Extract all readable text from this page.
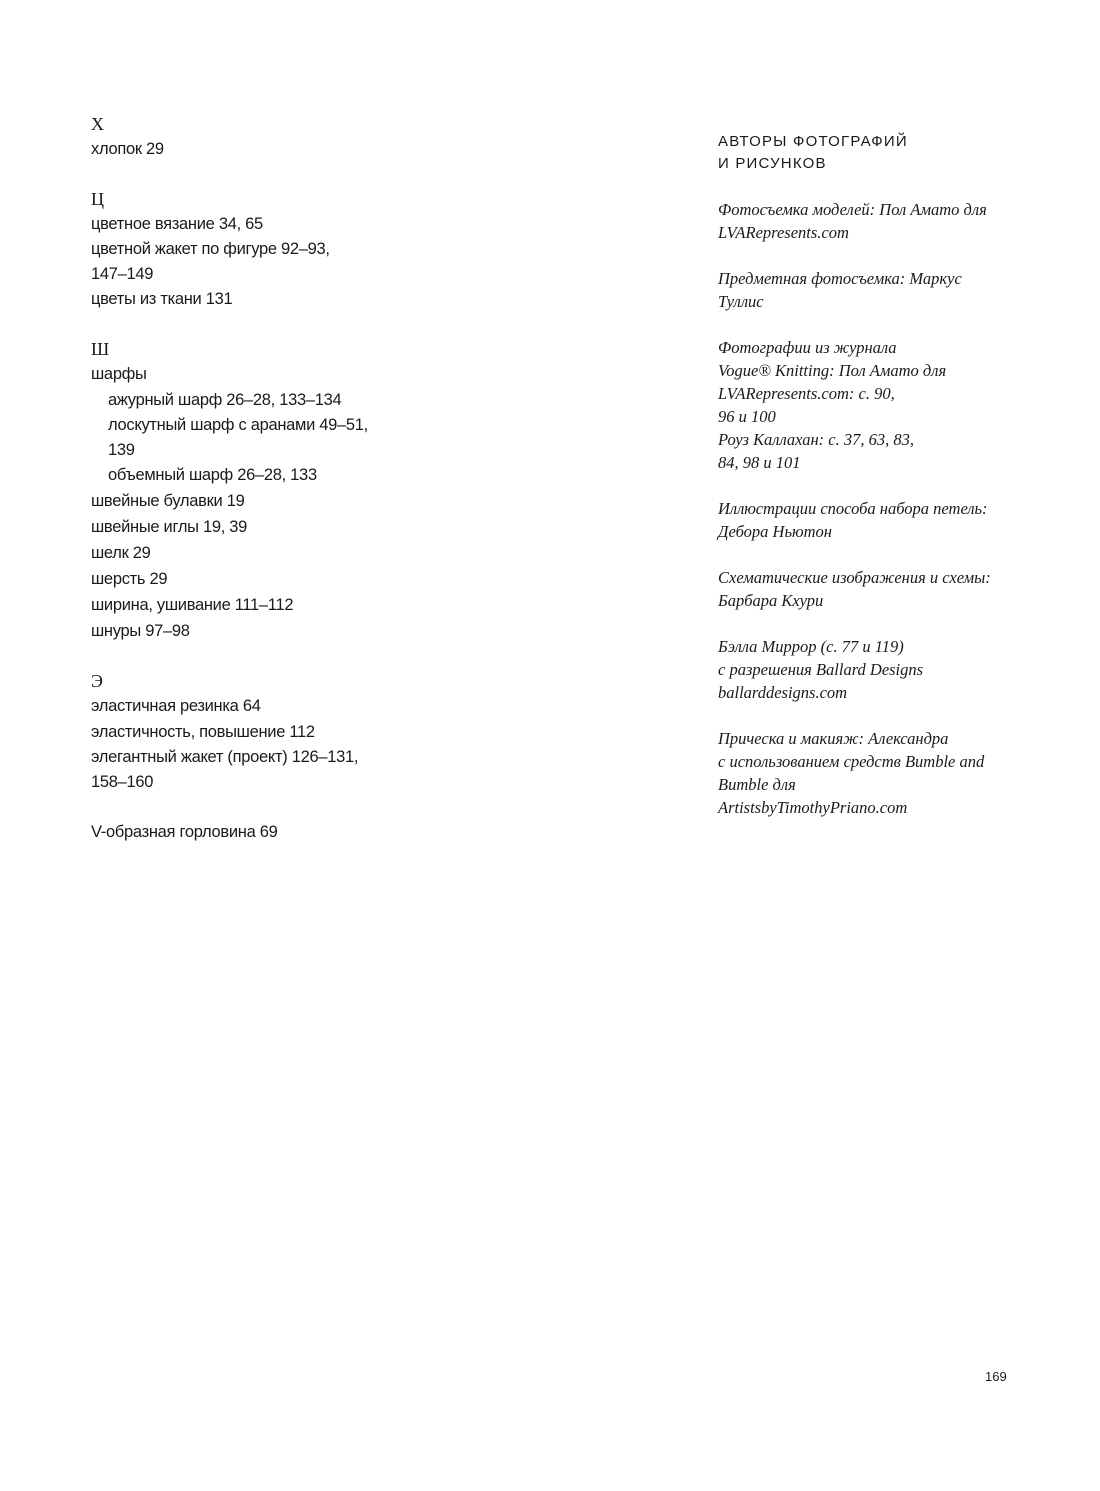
Х

хлопок 29

Ц

цветное вязание 34, 65

цветной жакет по фигуре 92–93, 147–149

цветы из ткани 131

Ш

шарфы

ажурный шарф 26–28, 133–134

лоскутный шарф с аранами 49–51, 139

объемный шарф 26–28, 133

швейные булавки 19

швейные иглы 19, 39

шелк 29

шерсть 29

ширина, ушивание 111–112

шнуры 97–98

Э

эластичная резинка 64

эластичность, повышение 112

элегантный жакет (проект) 126–131, 158–160

V-образная горловина 69

АВТОРЫ ФОТОГРАФИЙ
И РИСУНКОВ

Фотосъемка моделей: Пол Амато для

LVARepresents.com

Предметная фотосъемка: Маркус

Туллис

Фотографии из журнала

Vogue® Knitting: Пол Амато для

LVARepresents.com: с. 90,

96 и 100

Роуз Каллахан: с. 37, 63, 83,

84, 98 и 101

Иллюстрации способа набора петель:

Дебора Ньютон

Схематические изображения и схемы:

Барбара Кхури

Бэлла Миррор (с. 77 и 119)

с разрешения Ballard Designs

ballarddesigns.com

Прическа и макияж: Александра

с использованием средств Bumble and

Bumble для

ArtistsbyTimothyPriano.com

169
